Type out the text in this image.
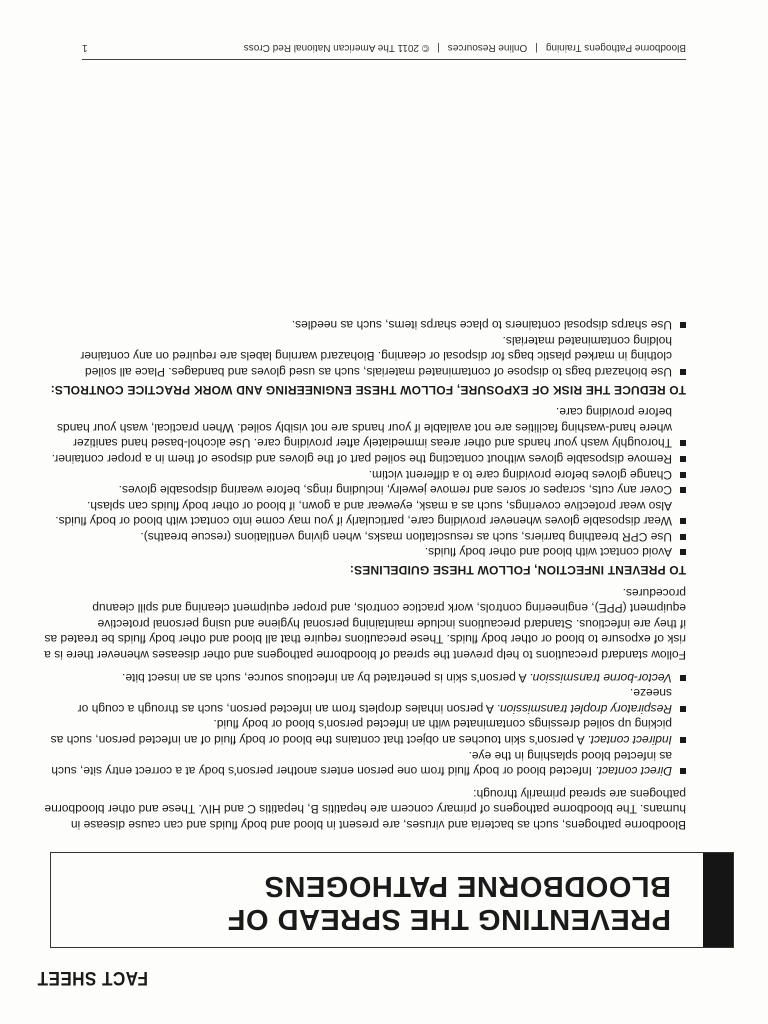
FACT SHEET
PREVENTING THE SPREAD OF
BLOODBORNE PATHOGENS

Bloodborne pathogens, such as bacteria and viruses, are present in blood and body fluids and can cause disease in humans. The bloodborne pathogens of primary concern are hepatitis B, hepatitis C and HIV. These and other bloodborne pathogens are spread primarily through:

Direct contact. Infected blood or body fluid from one person enters another person's body at a correct entry site, such as infected blood splashing in the eye.
Indirect contact. A person's skin touches an object that contains the blood or body fluid of an infected person, such as picking up soiled dressings contaminated with an infected person's blood or body fluid.
Respiratory droplet transmission. A person inhales droplets from an infected person, such as through a cough or sneeze.
Vector-borne transmission. A person's skin is penetrated by an infectious source, such as an insect bite.

Follow standard precautions to help prevent the spread of bloodborne pathogens and other diseases whenever there is a risk of exposure to blood or other body fluids. These precautions require that all blood and other body fluids be treated as if they are infectious. Standard precautions include maintaining personal hygiene and using personal protective equipment (PPE), engineering controls, work practice controls, and proper equipment cleaning and spill cleanup procedures.

TO PREVENT INFECTION, FOLLOW THESE GUIDELINES:
Avoid contact with blood and other body fluids.
Use CPR breathing barriers, such as resuscitation masks, when giving ventilations (rescue breaths).
Wear disposable gloves whenever providing care, particularly if you may come into contact with blood or body fluids. Also wear protective coverings, such as a mask, eyewear and a gown, if blood or other body fluids can splash.
Cover any cuts, scrapes or sores and remove jewelry, including rings, before wearing disposable gloves.
Change gloves before providing care to a different victim.
Remove disposable gloves without contacting the soiled part of the gloves and dispose of them in a proper container.
Thoroughly wash your hands and other areas immediately after providing care. Use alcohol-based hand sanitizer where hand-washing facilities are not available if your hands are not visibly soiled. When practical, wash your hands before providing care.
TO REDUCE THE RISK OF EXPOSURE, FOLLOW THESE ENGINEERING AND WORK PRACTICE CONTROLS:
Use biohazard bags to dispose of contaminated materials, such as used gloves and bandages. Place all soiled clothing in marked plastic bags for disposal or cleaning. Biohazard warning labels are required on any container holding contaminated materials.
Use sharps disposal containers to place sharps items, such as needles.
Bloodborne Pathogens Training|Online Resources|© 2011 The American National Red Cross
1
